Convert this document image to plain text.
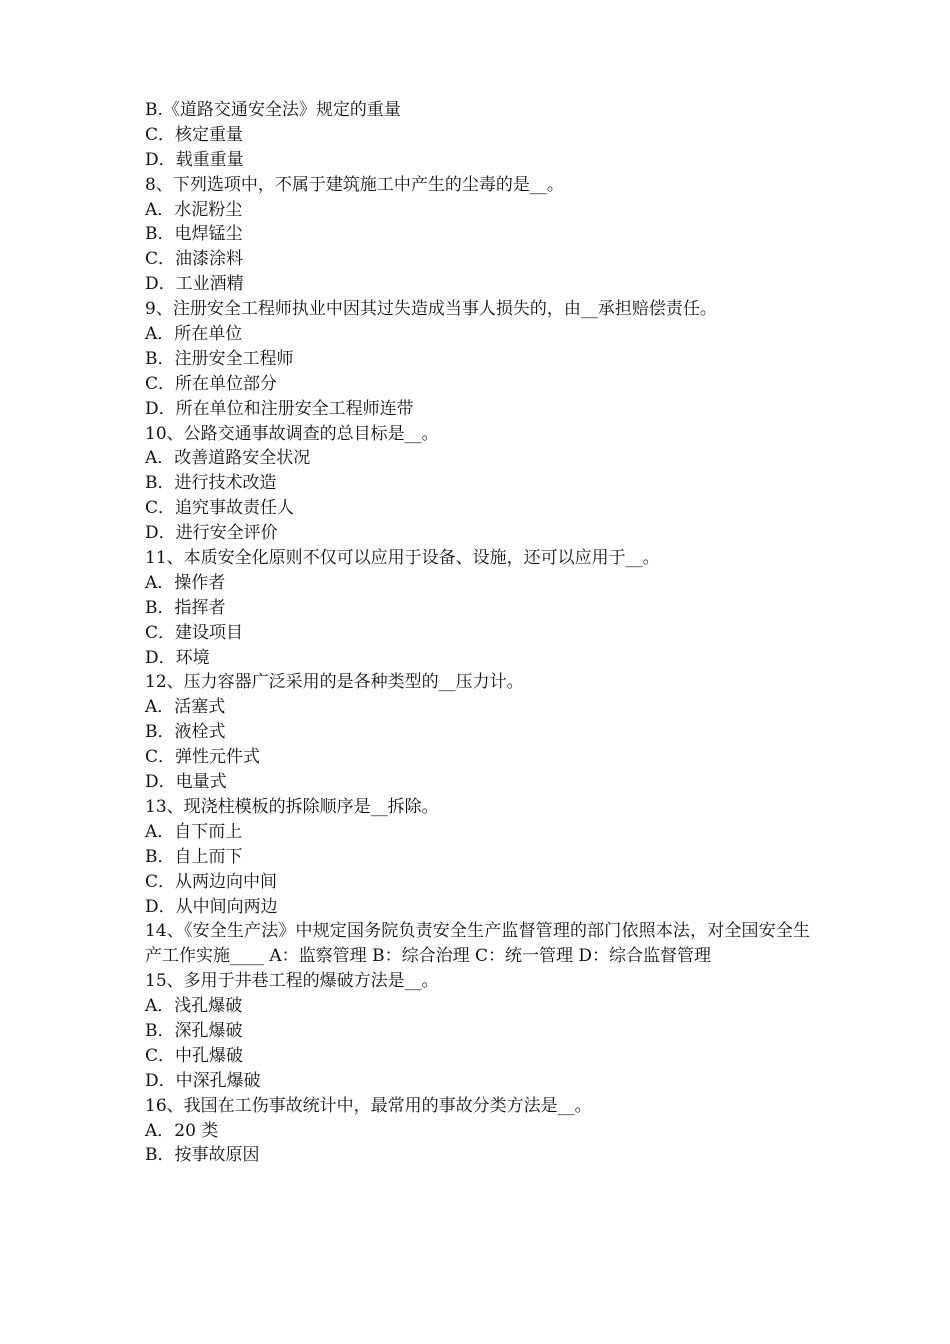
B.《道路交通安全法》规定的重量
C．核定重量
D．载重重量
8、下列选项中，不属于建筑施工中产生的尘毒的是__。
A．水泥粉尘
B．电焊锰尘
C．油漆涂料
D．工业酒精
9、注册安全工程师执业中因其过失造成当事人损失的，由__承担赔偿责任。
A．所在单位
B．注册安全工程师
C．所在单位部分
D．所在单位和注册安全工程师连带
10、公路交通事故调查的总目标是__。
A．改善道路安全状况
B．进行技术改造
C．追究事故责任人
D．进行安全评价
11、本质安全化原则不仅可以应用于设备、设施，还可以应用于__。
A．操作者
B．指挥者
C．建设项目
D．环境
12、压力容器广泛采用的是各种类型的__压力计。
A．活塞式
B．液栓式
C．弹性元件式
D．电量式
13、现浇柱模板的拆除顺序是__拆除。
A．自下而上
B．自上而下
C．从两边向中间
D．从中间向两边
14、《安全生产法》中规定国务院负责安全生产监督管理的部门依照本法，对全国安全生产工作实施____ A：监察管理 B：综合治理 C：统一管理 D：综合监督管理
15、多用于井巷工程的爆破方法是__。
A．浅孔爆破
B．深孔爆破
C．中孔爆破
D．中深孔爆破
16、我国在工伤事故统计中，最常用的事故分类方法是__。
A．20 类
B．按事故原因
